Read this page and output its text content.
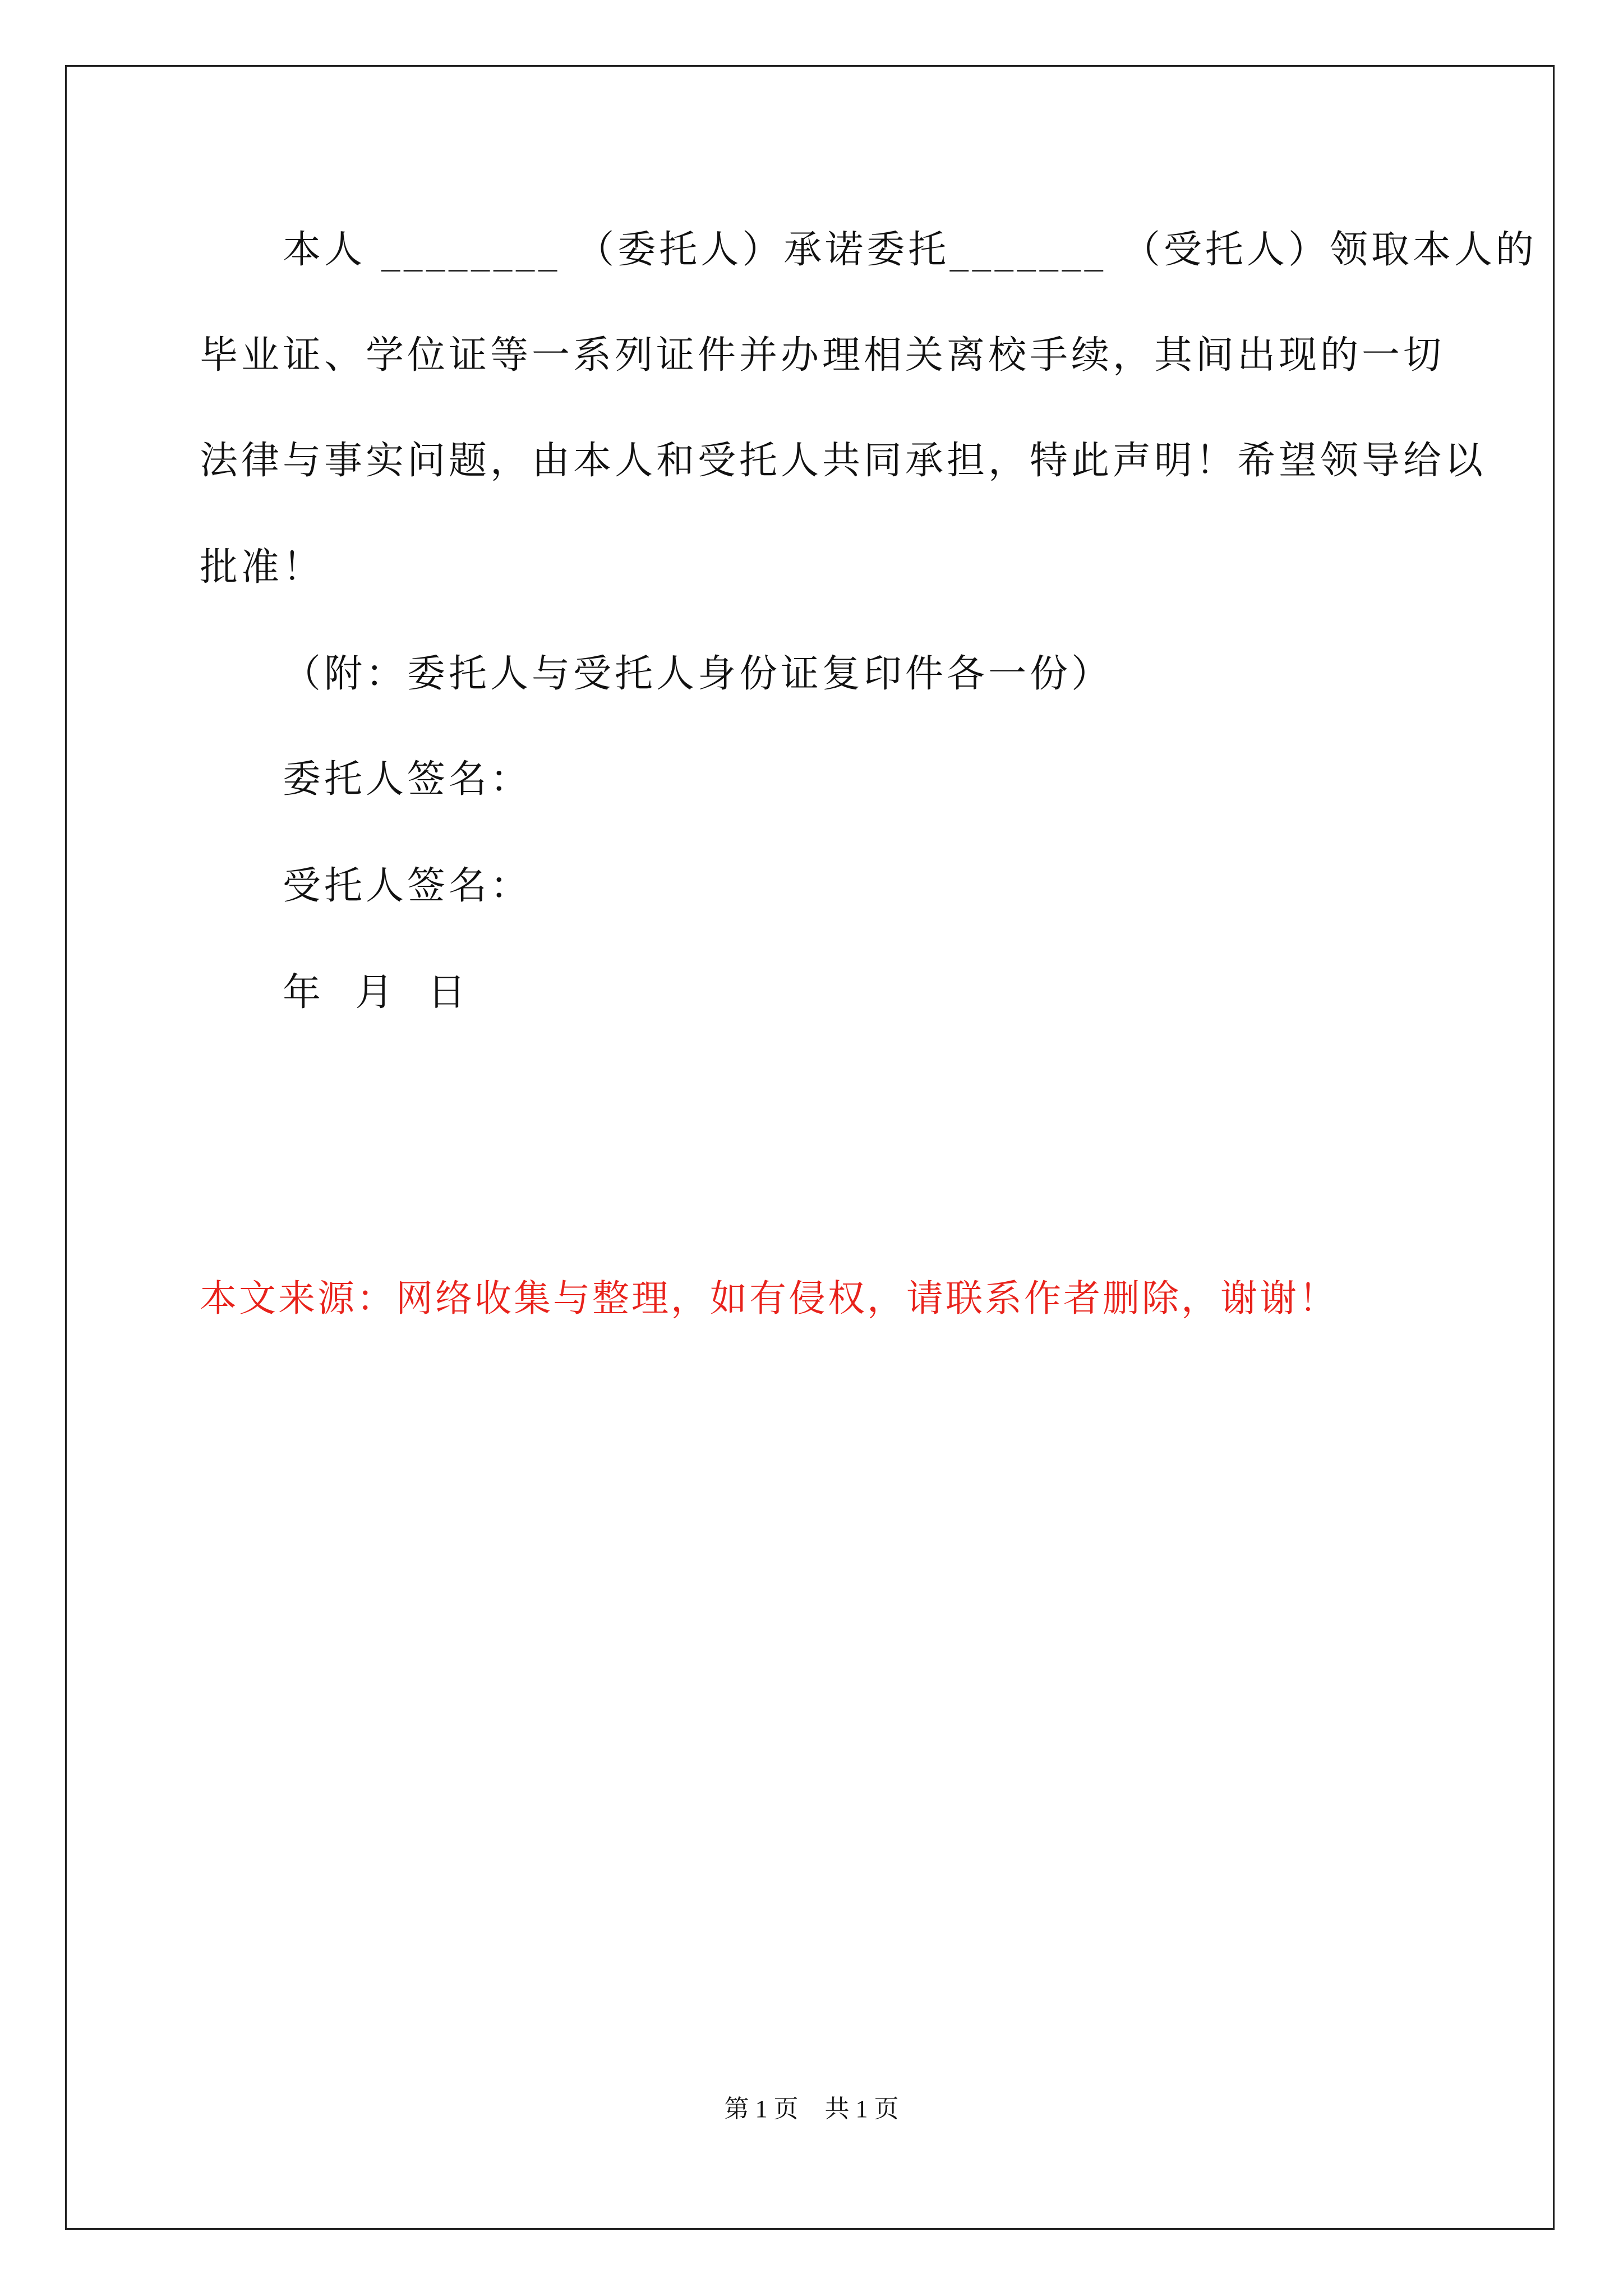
本人 ________ （委托人）承诺委托_______ （受托人）领取本人的
毕业证、学位证等一系列证件并办理相关离校手续，其间出现的一切
法律与事实问题，由本人和受托人共同承担，特此声明！希望领导给以
批准！
（附：委托人与受托人身份证复印件各一份）
委托人签名：
受托人签名：
年  月  日
本文来源：网络收集与整理，如有侵权，请联系作者删除，谢谢！
第 1 页 共 1 页
